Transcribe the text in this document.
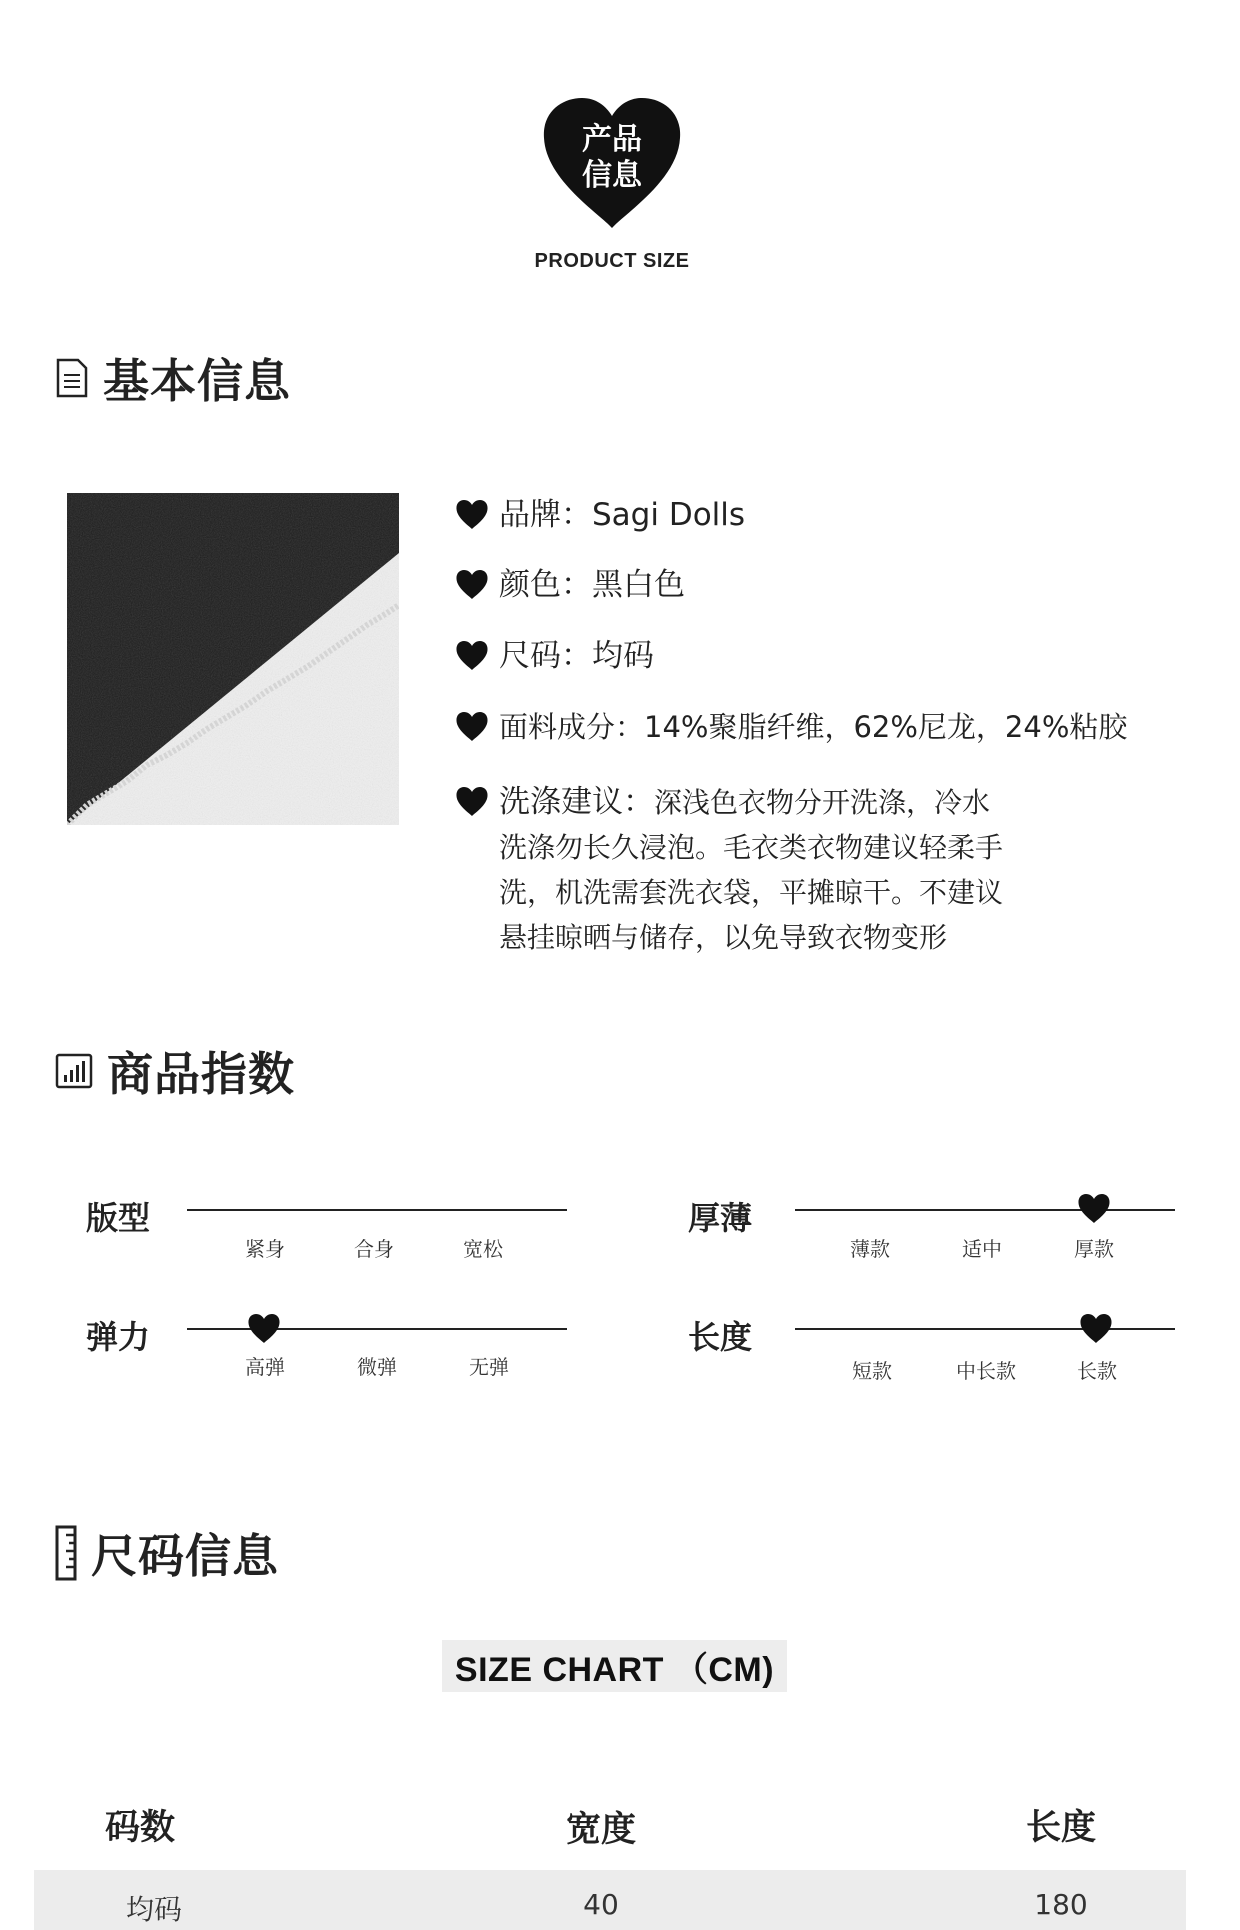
产品
信息
PRODUCT SIZE
基本信息
品牌：Sagi Dolls
颜色：黑白色
尺码：均码
面料成分：14%聚脂纤维，62%尼龙，24%粘胶
洗涤建议：深浅色衣物分开洗涤，冷水
洗涤勿长久浸泡。毛衣类衣物建议轻柔手
洗，机洗需套洗衣袋，平摊晾干。不建议
悬挂晾晒与储存，以免导致衣物变形
商品指数
版型
紧身	合身	宽松
厚薄
薄款	适中	厚款
弹力
高弹	微弹	无弹
长度
短款	中长款	长款
尺码信息
SIZE CHART （CM)
码数	宽度	长度
均码	40	180
